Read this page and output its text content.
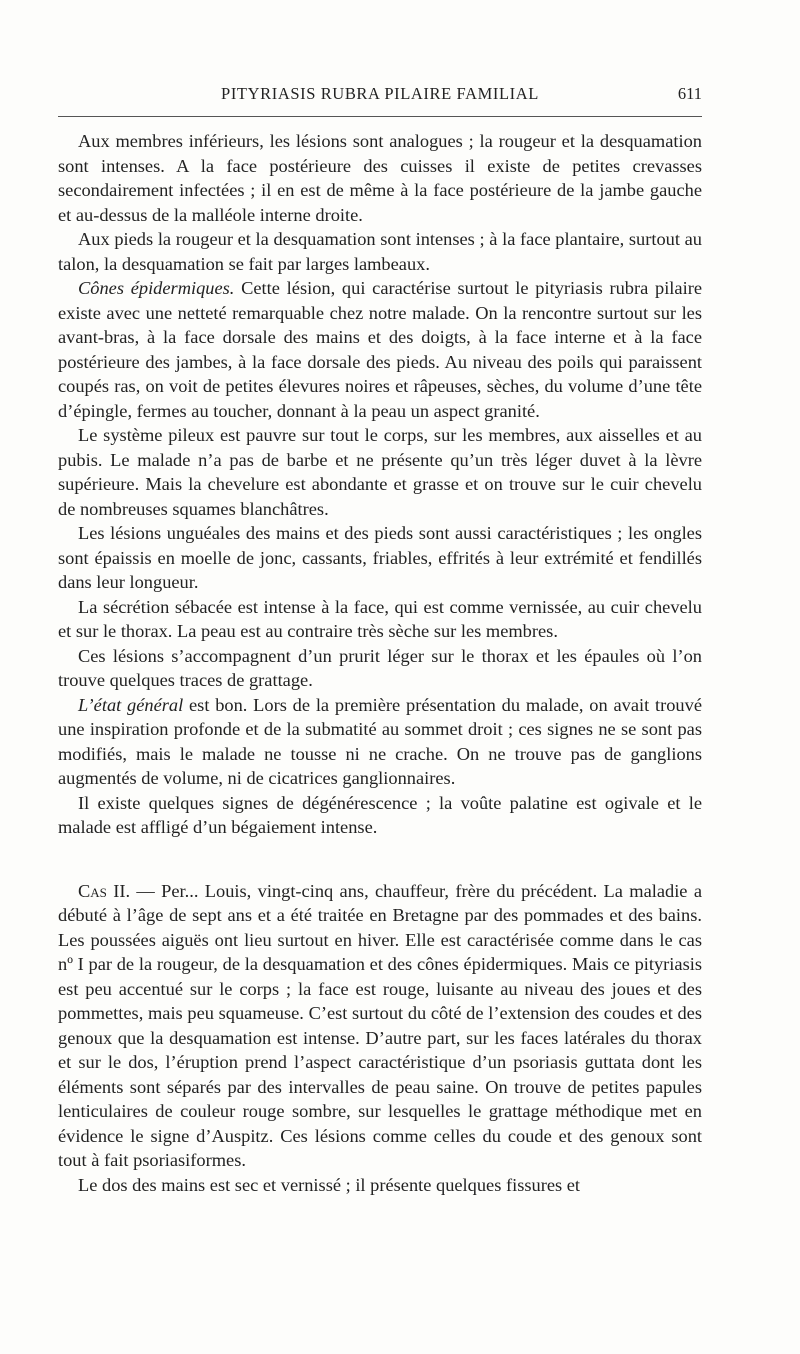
PITYRIASIS RUBRA PILAIRE FAMILIAL	611

Aux membres inférieurs, les lésions sont analogues ; la rougeur et la desquamation sont intenses. A la face postérieure des cuisses il existe de petites crevasses secondairement infectées ; il en est de même à la face postérieure de la jambe gauche et au-dessus de la malléole interne droite.

Aux pieds la rougeur et la desquamation sont intenses ; à la face plantaire, surtout au talon, la desquamation se fait par larges lambeaux.

Cônes épidermiques. Cette lésion, qui caractérise surtout le pityriasis rubra pilaire existe avec une netteté remarquable chez notre malade. On la rencontre surtout sur les avant-bras, à la face dorsale des mains et des doigts, à la face interne et à la face postérieure des jambes, à la face dorsale des pieds. Au niveau des poils qui paraissent coupés ras, on voit de petites élevures noires et râpeuses, sèches, du volume d’une tête d’épingle, fermes au toucher, donnant à la peau un aspect granité.

Le système pileux est pauvre sur tout le corps, sur les membres, aux aisselles et au pubis. Le malade n’a pas de barbe et ne présente qu’un très léger duvet à la lèvre supérieure. Mais la chevelure est abondante et grasse et on trouve sur le cuir chevelu de nombreuses squames blanchâtres.

Les lésions unguéales des mains et des pieds sont aussi caractéristiques ; les ongles sont épaissis en moelle de jonc, cassants, friables, effrités à leur extrémité et fendillés dans leur longueur.

La sécrétion sébacée est intense à la face, qui est comme vernissée, au cuir chevelu et sur le thorax. La peau est au contraire très sèche sur les membres.

Ces lésions s’accompagnent d’un prurit léger sur le thorax et les épaules où l’on trouve quelques traces de grattage.

L’état général est bon. Lors de la première présentation du malade, on avait trouvé une inspiration profonde et de la submatité au sommet droit ; ces signes ne se sont pas modifiés, mais le malade ne tousse ni ne crache. On ne trouve pas de ganglions augmentés de volume, ni de cicatrices ganglionnaires.

Il existe quelques signes de dégénérescence ; la voûte palatine est ogivale et le malade est affligé d’un bégaiement intense.

Cas II. — Per... Louis, vingt-cinq ans, chauffeur, frère du précédent. La maladie a débuté à l’âge de sept ans et a été traitée en Bretagne par des pommades et des bains. Les poussées aiguës ont lieu surtout en hiver. Elle est caractérisée comme dans le cas nº I par de la rougeur, de la desquamation et des cônes épidermiques. Mais ce pityriasis est peu accentué sur le corps ; la face est rouge, luisante au niveau des joues et des pommettes, mais peu squameuse. C’est surtout du côté de l’extension des coudes et des genoux que la desquamation est intense. D’autre part, sur les faces latérales du thorax et sur le dos, l’éruption prend l’aspect caractéristique d’un psoriasis guttata dont les éléments sont séparés par des intervalles de peau saine. On trouve de petites papules lenticulaires de couleur rouge sombre, sur lesquelles le grattage méthodique met en évidence le signe d’Auspitz. Ces lésions comme celles du coude et des genoux sont tout à fait psoriasiformes.

Le dos des mains est sec et vernissé ; il présente quelques fissures et
